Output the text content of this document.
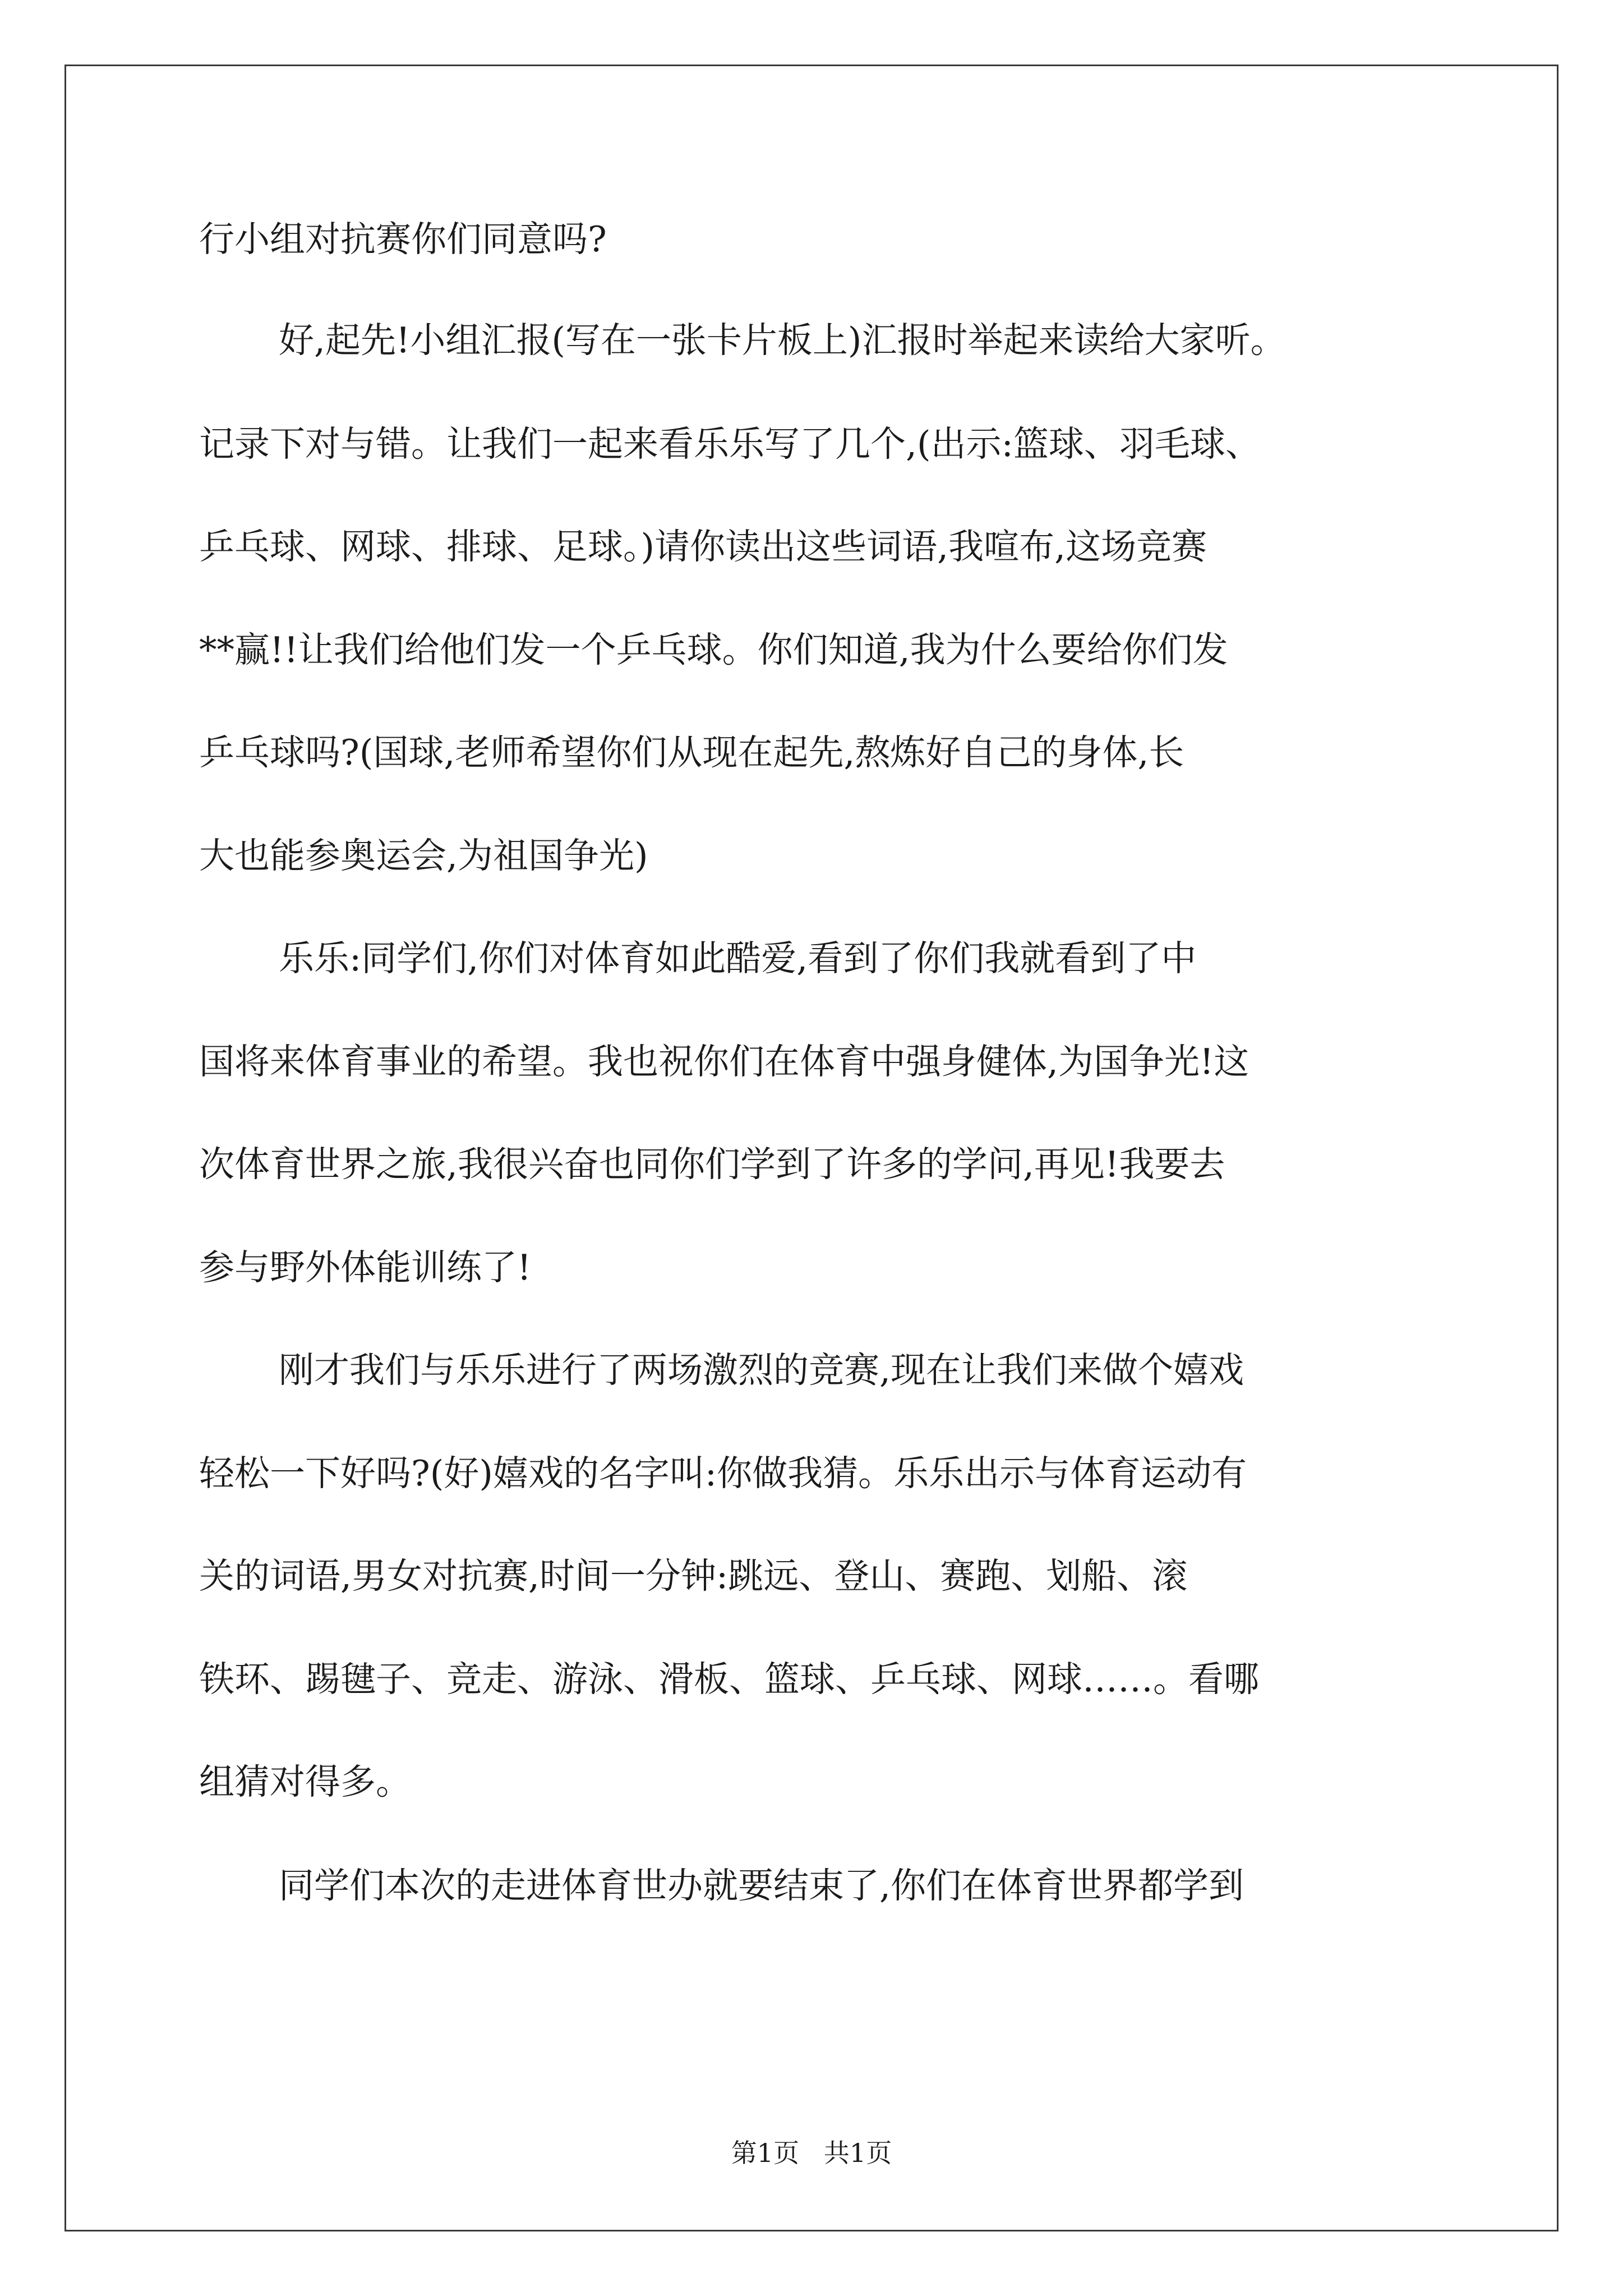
行小组对抗赛你们同意吗?

好,起先!小组汇报(写在一张卡片板上)汇报时举起来读给大家听。

记录下对与错。让我们一起来看乐乐写了几个,(出示:篮球、羽毛球、

乒乓球、网球、排球、足球。)请你读出这些词语,我喧布,这场竞赛

**赢!!让我们给他们发一个乒乓球。你们知道,我为什么要给你们发

乒乓球吗?(国球,老师希望你们从现在起先,熬炼好自己的身体,长

大也能参奥运会,为祖国争光)

乐乐:同学们,你们对体育如此酷爱,看到了你们我就看到了中

国将来体育事业的希望。我也祝你们在体育中强身健体,为国争光!这

次体育世界之旅,我很兴奋也同你们学到了许多的学问,再见!我要去

参与野外体能训练了!

刚才我们与乐乐进行了两场激烈的竞赛,现在让我们来做个嬉戏

轻松一下好吗?(好)嬉戏的名字叫:你做我猜。乐乐出示与体育运动有

关的词语,男女对抗赛,时间一分钟:跳远、登山、赛跑、划船、滚

铁环、踢毽子、竞走、游泳、滑板、篮球、乒乓球、网球……。看哪

组猜对得多。

同学们本次的走进体育世办就要结束了,你们在体育世界都学到

第1页   共1页
